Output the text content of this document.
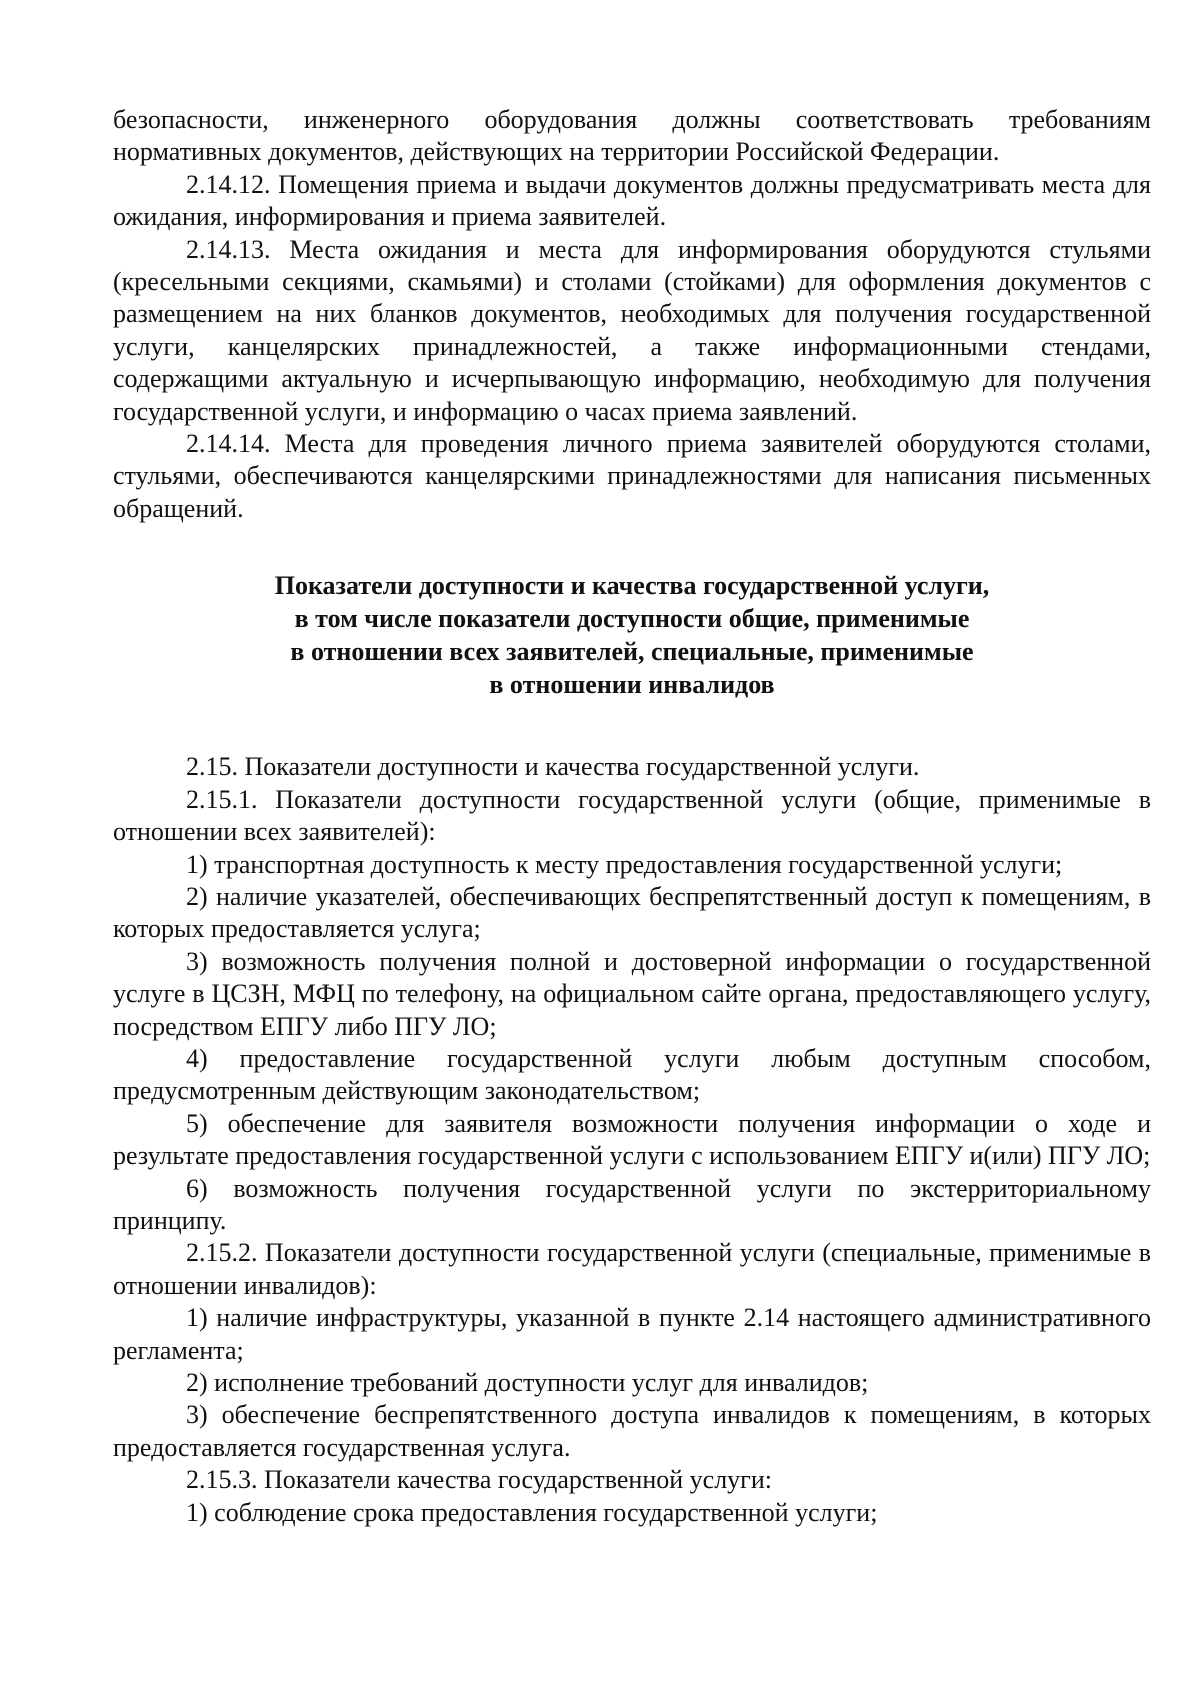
безопасности, инженерного оборудования должны соответствовать требованиям нормативных документов, действующих на территории Российской Федерации.

2.14.12. Помещения приема и выдачи документов должны предусматривать места для ожидания, информирования и приема заявителей.

2.14.13. Места ожидания и места для информирования оборудуются стульями (кресельными секциями, скамьями) и столами (стойками) для оформления документов с размещением на них бланков документов, необходимых для получения государственной услуги, канцелярских принадлежностей, а также информационными стендами, содержащими актуальную и исчерпывающую информацию, необходимую для получения государственной услуги, и информацию о часах приема заявлений.

2.14.14. Места для проведения личного приема заявителей оборудуются столами, стульями, обеспечиваются канцелярскими принадлежностями для написания письменных обращений.

Показатели доступности и качества государственной услуги,
в том числе показатели доступности общие, применимые
в отношении всех заявителей, специальные, применимые
в отношении инвалидов

2.15. Показатели доступности и качества государственной услуги.

2.15.1. Показатели доступности государственной услуги (общие, применимые в отношении всех заявителей):

1) транспортная доступность к месту предоставления государственной услуги;

2) наличие указателей, обеспечивающих беспрепятственный доступ к помещениям, в которых предоставляется услуга;

3) возможность получения полной и достоверной информации о государственной услуге в ЦСЗН, МФЦ по телефону, на официальном сайте органа, предоставляющего услугу, посредством ЕПГУ либо ПГУ ЛО;

4) предоставление государственной услуги любым доступным способом, предусмотренным действующим законодательством;

5) обеспечение для заявителя возможности получения информации о ходе и результате предоставления государственной услуги с использованием ЕПГУ и(или) ПГУ ЛО;

6) возможность получения государственной услуги по экстерриториальному принципу.

2.15.2. Показатели доступности государственной услуги (специальные, применимые в отношении инвалидов):

1) наличие инфраструктуры, указанной в пункте 2.14 настоящего административного регламента;

2) исполнение требований доступности услуг для инвалидов;

3) обеспечение беспрепятственного доступа инвалидов к помещениям, в которых предоставляется государственная услуга.

2.15.3. Показатели качества государственной услуги:

1) соблюдение срока предоставления государственной услуги;
